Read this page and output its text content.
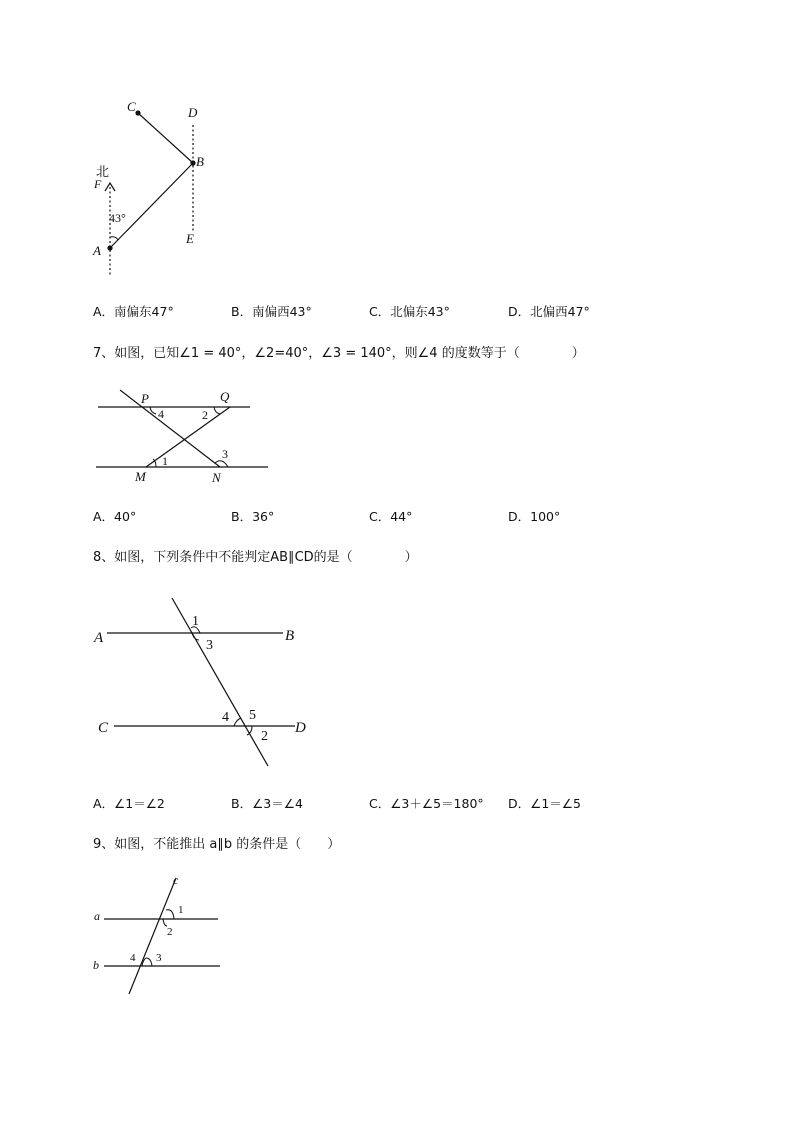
C	D
B
北
F
43°
A
E
A．南偏东47°	B．南偏西43°	C．北偏东43°	D．北偏西47°
7、如图，已知∠1 = 40°，∠2=40°，∠3 = 140°，则∠4 的度数等于（　　　　）
P	Q
4	2
1	3
M	N
A．40°	B．36°	C．44°	D．100°
8、如图，下列条件中不能判定AB∥CD的是（　　　　）
A	B
C	D
1
3
4 5
2
A．∠1＝∠2	B．∠3＝∠4	C．∠3＋∠5＝180° D．∠1＝∠5
9、如图，不能推出 a∥b 的条件是（　　）
c
a
b
1
2
4 3
